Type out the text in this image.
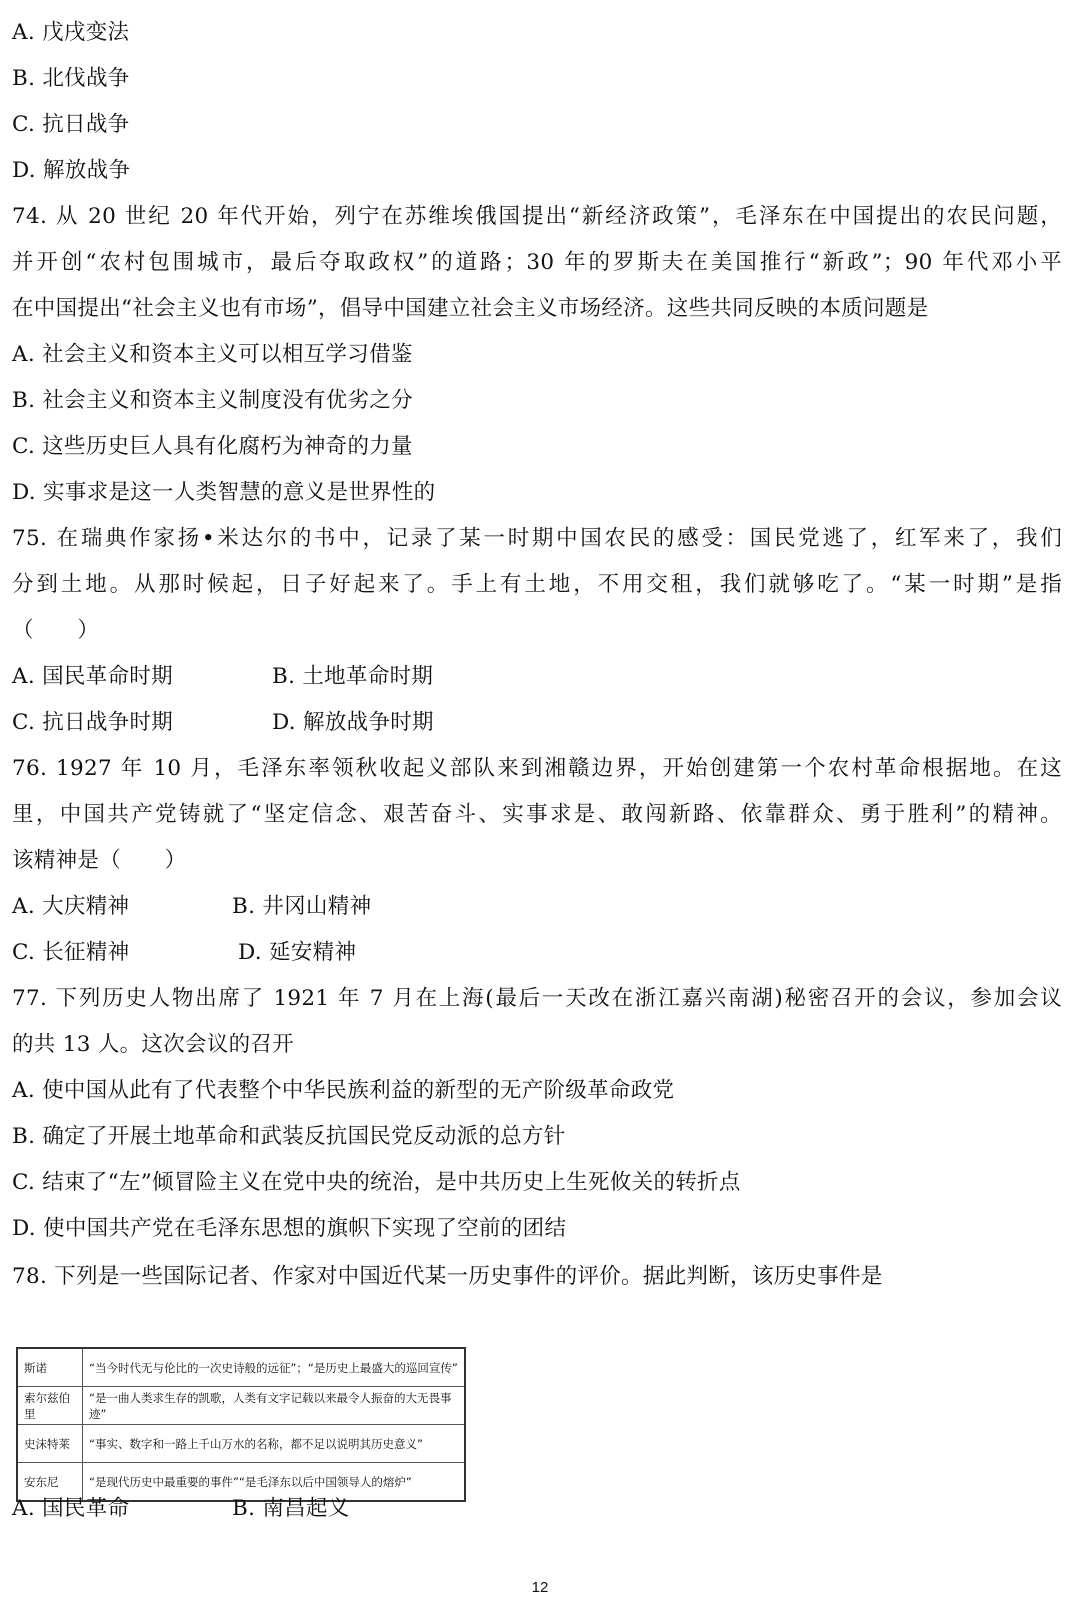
A. 戊戌变法
B. 北伐战争
C. 抗日战争
D. 解放战争
74. 从 20 世纪 20 年代开始，列宁在苏维埃俄国提出“新经济政策”，毛泽东在中国提出的农民问题，
并开创“农村包围城市，最后夺取政权”的道路；30 年的罗斯夫在美国推行“新政”；90 年代邓小平
在中国提出“社会主义也有市场”，倡导中国建立社会主义市场经济。这些共同反映的本质问题是
A. 社会主义和资本主义可以相互学习借鉴
B. 社会主义和资本主义制度没有优劣之分
C. 这些历史巨人具有化腐朽为神奇的力量
D. 实事求是这一人类智慧的意义是世界性的
75. 在瑞典作家扬•米达尔的书中，记录了某一时期中国农民的感受：国民党逃了，红军来了，我们
分到土地。从那时候起，日子好起来了。手上有土地，不用交租，我们就够吃了。“某一时期”是指
（　　）
A. 国民革命时期	B. 土地革命时期
C. 抗日战争时期	D. 解放战争时期
76. 1927 年 10 月，毛泽东率领秋收起义部队来到湘赣边界，开始创建第一个农村革命根据地。在这
里，中国共产党铸就了“坚定信念、艰苦奋斗、实事求是、敢闯新路、依靠群众、勇于胜利”的精神。
该精神是（　　）
A. 大庆精神	B. 井冈山精神
C. 长征精神	D. 延安精神
77. 下列历史人物出席了 1921 年 7 月在上海(最后一天改在浙江嘉兴南湖)秘密召开的会议，参加会议
的共 13 人。这次会议的召开
A. 使中国从此有了代表整个中华民族利益的新型的无产阶级革命政党
B. 确定了开展土地革命和武装反抗国民党反动派的总方针
C. 结束了“左”倾冒险主义在党中央的统治，是中共历史上生死攸关的转折点
D. 使中国共产党在毛泽东思想的旗帜下实现了空前的团结
78. 下列是一些国际记者、作家对中国近代某一历史事件的评价。据此判断，该历史事件是
斯诺	“当今时代无与伦比的一次史诗般的远征”；“是历史上最盛大的巡回宣传”
索尔兹伯里	“是一曲人类求生存的凯歌，人类有文字记载以来最令人振奋的大无畏事迹”
史沫特莱	“事实、数字和一路上千山万水的名称，都不足以说明其历史意义”
安东尼	“是现代历史中最重要的事件”“是毛泽东以后中国领导人的熔炉”
A. 国民革命	B. 南昌起义
12
